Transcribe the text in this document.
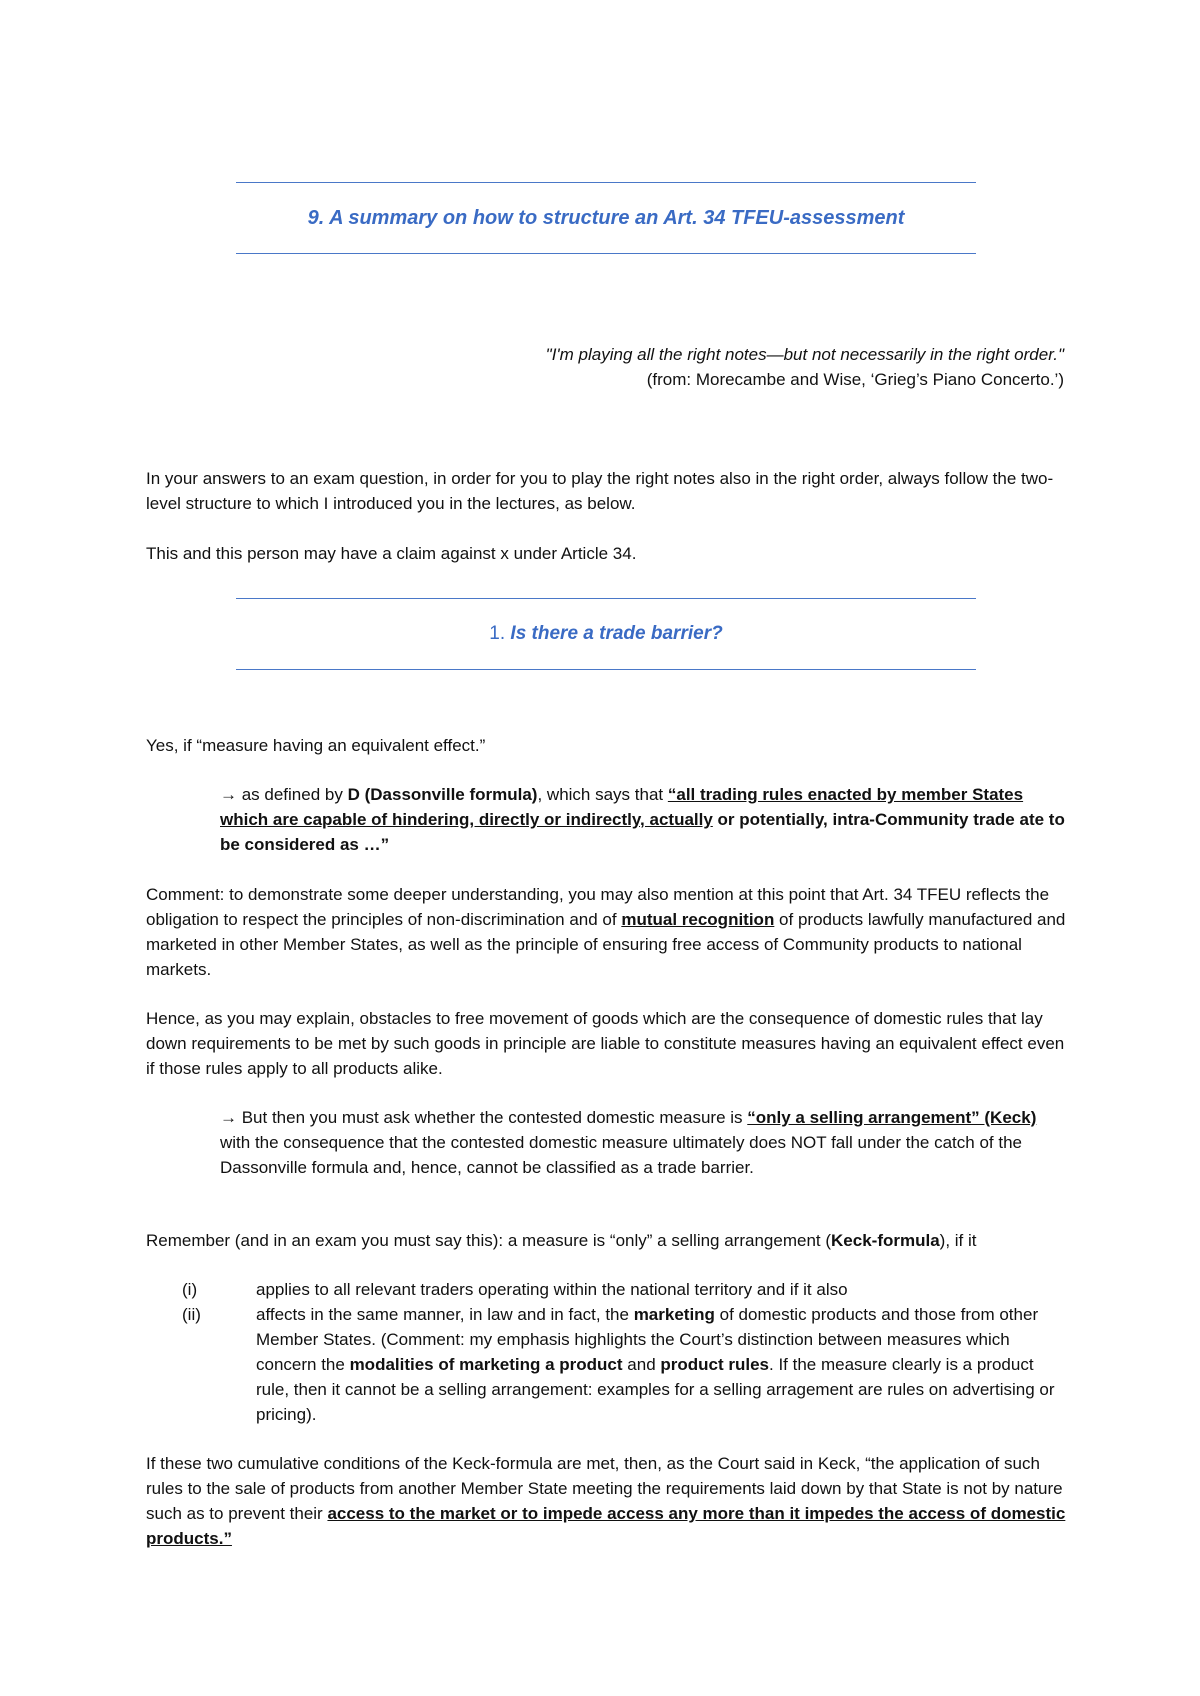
9. A summary on how to structure an Art. 34 TFEU-assessment
"I'm playing all the right notes—but not necessarily in the right order."
(from: Morecambe and Wise, ‘Grieg’s Piano Concerto.’)

In your answers to an exam question, in order for you to play the right notes also in the right order, always follow the two-level structure to which I introduced you in the lectures, as below.

This and this person may have a claim against x under Article 34.

Yes, if “measure having an equivalent effect.”

→ as defined by D (Dassonville formula), which says that “all trading rules enacted by member States which are capable of hindering, directly or indirectly, actually or potentially, intra-Community trade ate to be considered as …”

Comment: to demonstrate some deeper understanding, you may also mention at this point that Art. 34 TFEU reflects the obligation to respect the principles of non-discrimination and of mutual recognition of products lawfully manufactured and marketed in other Member States, as well as the principle of ensuring free access of Community products to national markets.

Hence, as you may explain, obstacles to free movement of goods which are the consequence of domestic rules that lay down requirements to be met by such goods in principle are liable to constitute measures having an equivalent effect even if those rules apply to all products alike.

→ But then you must ask whether the contested domestic measure is “only a selling arrangement” (Keck) with the consequence that the contested domestic measure ultimately does NOT fall under the catch of the Dassonville formula and, hence, cannot be classified as a trade barrier.

Remember (and in an exam you must say this): a measure is “only” a selling arrangement (Keck-formula), if it

(i)	applies to all relevant traders operating within the national territory and if it also
(ii)	affects in the same manner, in law and in fact, the marketing of domestic products and those from other Member States. (Comment: my emphasis highlights the Court’s distinction between measures which concern the modalities of marketing a product and product rules. If the measure clearly is a product rule, then it cannot be a selling arrangement: examples for a selling arragement are rules on advertising or pricing).

If these two cumulative conditions of the Keck-formula are met, then, as the Court said in Keck, “the application of such rules to the sale of products from another Member State meeting the requirements laid down by that State is not by nature such as to prevent their access to the market or to impede access any more than it impedes the access of domestic products.”

1. Is there a trade barrier?
